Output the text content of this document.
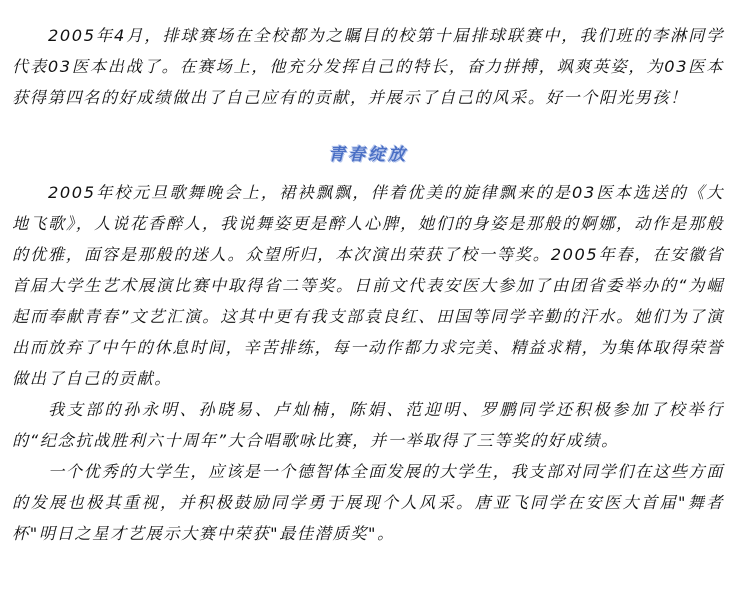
2005年4月，排球赛场在全校都为之瞩目的校第十届排球联赛中，我们班的李淋同学代表03医本出战了。在赛场上，他充分发挥自己的特长，奋力拼搏，飒爽英姿，为03医本获得第四名的好成绩做出了自己应有的贡献，并展示了自己的风采。好一个阳光男孩！

青春绽放

2005年校元旦歌舞晚会上，裙袂飘飘，伴着优美的旋律飘来的是03医本选送的《大地飞歌》，人说花香醉人，我说舞姿更是醉人心脾，她们的身姿是那般的婀娜，动作是那般的优雅，面容是那般的迷人。众望所归，本次演出荣获了校一等奖。2005年春，在安徽省首届大学生艺术展演比赛中取得省二等奖。日前文代表安医大参加了由团省委举办的“为崛起而奉献青春”文艺汇演。这其中更有我支部袁良红、田国等同学辛勤的汗水。她们为了演出而放弃了中午的休息时间，辛苦排练，每一动作都力求完美、精益求精，为集体取得荣誉做出了自己的贡献。

我支部的孙永明、孙晓易、卢灿楠，陈娟、范迎明、罗鹏同学还积极参加了校举行的“纪念抗战胜利六十周年”大合唱歌咏比赛，并一举取得了三等奖的好成绩。

一个优秀的大学生，应该是一个德智体全面发展的大学生，我支部对同学们在这些方面的发展也极其重视，并积极鼓励同学勇于展现个人风采。唐亚飞同学在安医大首届"舞者杯"明日之星才艺展示大赛中荣获"最佳潜质奖"。
